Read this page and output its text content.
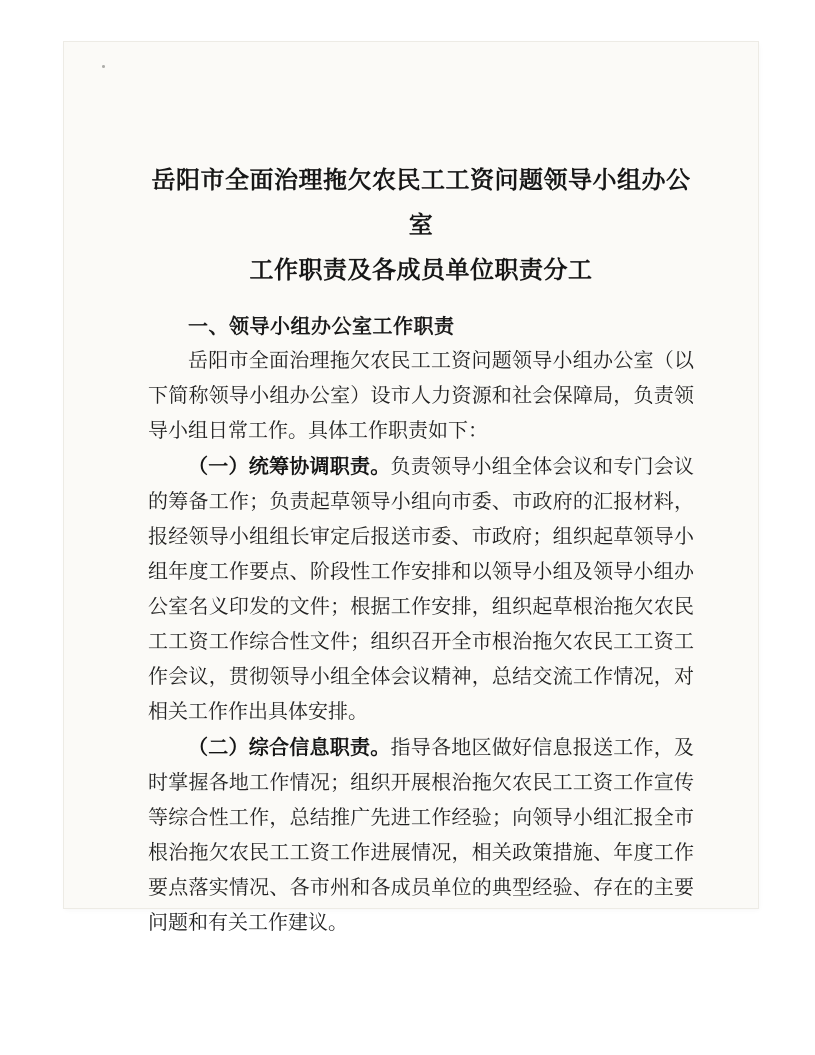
岳阳市全面治理拖欠农民工工资问题领导小组办公室
工作职责及各成员单位职责分工
一、领导小组办公室工作职责

岳阳市全面治理拖欠农民工工资问题领导小组办公室（以下简称领导小组办公室）设市人力资源和社会保障局，负责领导小组日常工作。具体工作职责如下：

（一）统筹协调职责。负责领导小组全体会议和专门会议的筹备工作；负责起草领导小组向市委、市政府的汇报材料，报经领导小组组长审定后报送市委、市政府；组织起草领导小组年度工作要点、阶段性工作安排和以领导小组及领导小组办公室名义印发的文件；根据工作安排，组织起草根治拖欠农民工工资工作综合性文件；组织召开全市根治拖欠农民工工资工作会议，贯彻领导小组全体会议精神，总结交流工作情况，对相关工作作出具体安排。

（二）综合信息职责。指导各地区做好信息报送工作，及时掌握各地工作情况；组织开展根治拖欠农民工工资工作宣传等综合性工作，总结推广先进工作经验；向领导小组汇报全市根治拖欠农民工工资工作进展情况，相关政策措施、年度工作要点落实情况、各市州和各成员单位的典型经验、存在的主要问题和有关工作建议。
